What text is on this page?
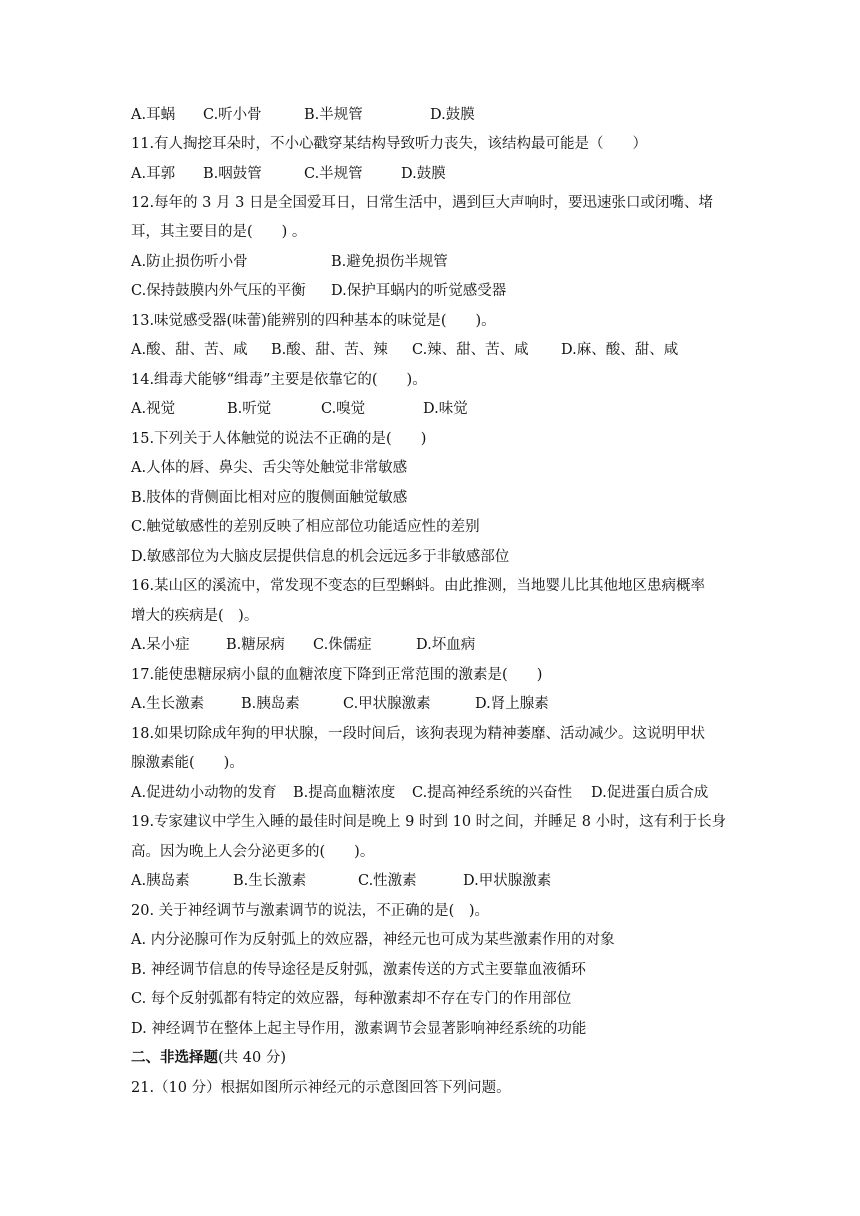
A.耳蜗 C.听小骨	B.半规管	D.鼓膜
11.有人掏挖耳朵时，不小心戳穿某结构导致听力丧失，该结构最可能是（　　）
A.耳郭 B.咽鼓管	C.半规管	D.鼓膜
12.每年的 3 月 3 日是全国爱耳日，日常生活中，遇到巨大声响时，要迅速张口或闭嘴、堵
耳，其主要目的是(　　) 。
A.防止损伤听小骨	B.避免损伤半规管
C.保持鼓膜内外气压的平衡 D.保护耳蜗内的听觉感受器
13.味觉感受器(味蕾)能辨别的四种基本的味觉是(　　)。
A.酸、甜、苦、咸 B.酸、甜、苦、辣 C.辣、甜、苦、咸 D.麻、酸、甜、咸
14.缉毒犬能够“缉毒”主要是依靠它的(　　)。
A.视觉	B.听觉	C.嗅觉	D.味觉
15.下列关于人体触觉的说法不正确的是(　　)
A.人体的唇、鼻尖、舌尖等处触觉非常敏感
B.肢体的背侧面比相对应的腹侧面触觉敏感
C.触觉敏感性的差别反映了相应部位功能适应性的差别
D.敏感部位为大脑皮层提供信息的机会远远多于非敏感部位
16.某山区的溪流中，常发现不变态的巨型蝌蚪。由此推测，当地婴儿比其他地区患病概率
增大的疾病是(　)。
A.呆小症	B.糖尿病 C.侏儒症	D.坏血病
17.能使患糖尿病小鼠的血糖浓度下降到正常范围的激素是(　　)
A.生长激素	B.胰岛素	C.甲状腺激素	D.肾上腺素
18.如果切除成年狗的甲状腺，一段时间后，该狗表现为精神萎靡、活动减少。这说明甲状
腺激素能(　　)。
A.促进幼小动物的发育 B.提高血糖浓度 C.提高神经系统的兴奋性 D.促进蛋白质合成
19.专家建议中学生入睡的最佳时间是晚上 9 时到 10 时之间，并睡足 8 小时，这有利于长身
高。因为晚上人会分泌更多的(　　)。
A.胰岛素	B.生长激素	C.性激素	D.甲状腺激素
20. 关于神经调节与激素调节的说法，不正确的是(　)。
A. 内分泌腺可作为反射弧上的效应器，神经元也可成为某些激素作用的对象
B. 神经调节信息的传导途径是反射弧，激素传送的方式主要靠血液循环
C. 每个反射弧都有特定的效应器，每种激素却不存在专门的作用部位
D. 神经调节在整体上起主导作用，激素调节会显著影响神经系统的功能
二、非选择题(共 40 分)
21.（10 分）根据如图所示神经元的示意图回答下列问题。
